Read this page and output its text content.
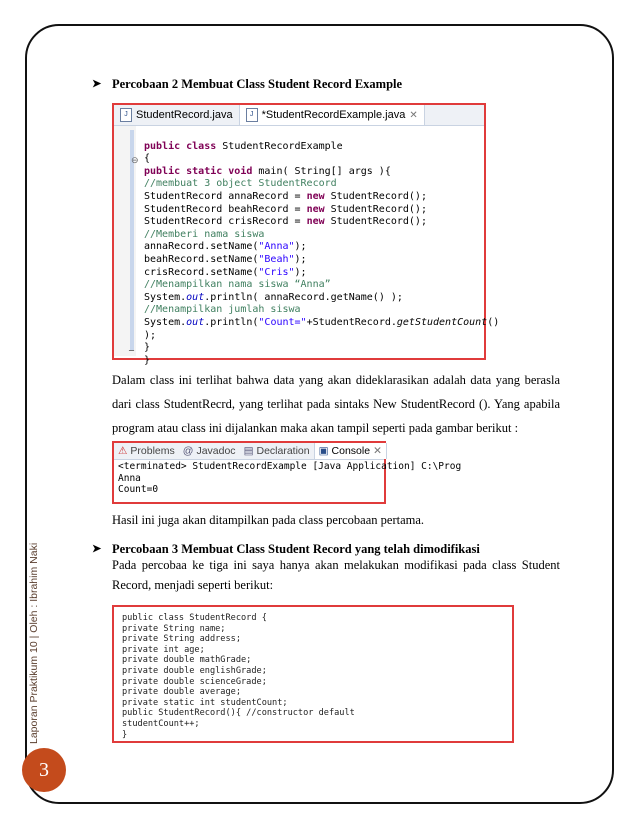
Laporan Praktikum 10 | Oleh : Ibrahim Naki
3
➤ Percobaan 2 Membuat Class Student Record Example
J StudentRecord.java	J *StudentRecordExample.java ✕
⊖
_

public class StudentRecordExample
{
public static void main( String[] args ){
//membuat 3 object StudentRecord
StudentRecord annaRecord = new StudentRecord();
StudentRecord beahRecord = new StudentRecord();
StudentRecord crisRecord = new StudentRecord();
//Memberi nama siswa
annaRecord.setName("Anna");
beahRecord.setName("Beah");
crisRecord.setName("Cris");
//Menampilkan nama siswa “Anna”
System.out.println( annaRecord.getName() );
//Menampilkan jumlah siswa
System.out.println("Count="+StudentRecord.getStudentCount()
);
}
}
Dalam class ini terlihat bahwa data yang akan dideklarasikan adalah data yang berasla dari class StudentRecrd, yang terlihat pada sintaks New StudentRecord (). Yang apabila program atau class ini dijalankan maka akan tampil seperti pada gambar berikut :
⚠ Problems @ Javadoc ▤ Declaration ▣ Console ✕
<terminated> StudentRecordExample [Java Application] C:\Prog
Anna
Count=0
Hasil ini juga akan ditampilkan pada class percobaan pertama.
➤ Percobaan 3 Membuat Class Student Record yang telah dimodifikasi
Pada percobaa ke tiga ini saya hanya akan melakukan modifikasi pada class Student Record, menjadi seperti berikut:
public class StudentRecord {
private String name;
private String address;
private int age;
private double mathGrade;
private double englishGrade;
private double scienceGrade;
private double average;
private static int studentCount;
public StudentRecord(){ //constructor default
studentCount++;
}
